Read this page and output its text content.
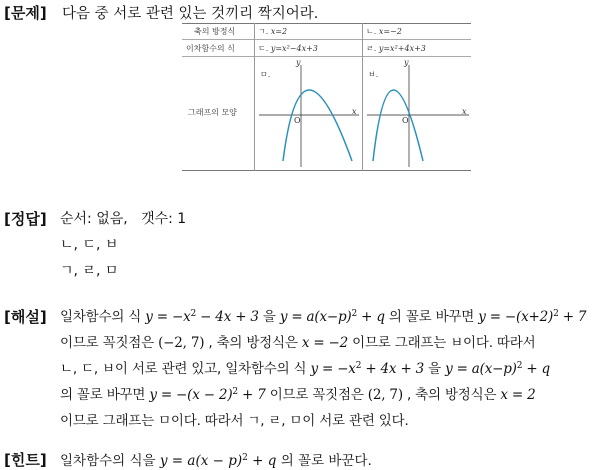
[문제] 다음 중 서로 관련 있는 것끼리 짝지어라.
축의 방정식
이차함수의 식
그래프의 모양
ㄱ. x=2	ㄴ. x=−2
ㄷ. y=x²−4x+3	ㄹ. y=x²+4x+3
ㅁ.
y
x
O
ㅂ.
y
x
O
[정답] 순서: 없음, 갯수: 1
ㄴ, ㄷ, ㅂ
ㄱ, ㄹ, ㅁ
[해설] 일차함수의 식 $y = -x^2 - 4x + 3$ 을 $y = a(x-p)^2 + q$ 의 꼴로 바꾸면 $y = -(x+2)^2 + 7$
이므로 꼭짓점은 (−2, 7) , 축의 방정식은 x = −2 이므로 그래프는 ㅂ이다. 따라서
ㄴ, ㄷ, ㅂ이 서로 관련 있고, 일차함수의 식 $y = -x^2 + 4x + 3$ 을 $y = a(x-p)^2 + q$
의 꼴로 바꾸면 $y = -(x - 2)^2 + 7$ 이므로 꼭짓점은 (2, 7) , 축의 방정식은 x = 2
이므로 그래프는 ㅁ이다. 따라서 ㄱ, ㄹ, ㅁ이 서로 관련 있다.
[힌트] 일차함수의 식을 $y = a(x - p)^2 + q$ 의 꼴로 바꾼다.
